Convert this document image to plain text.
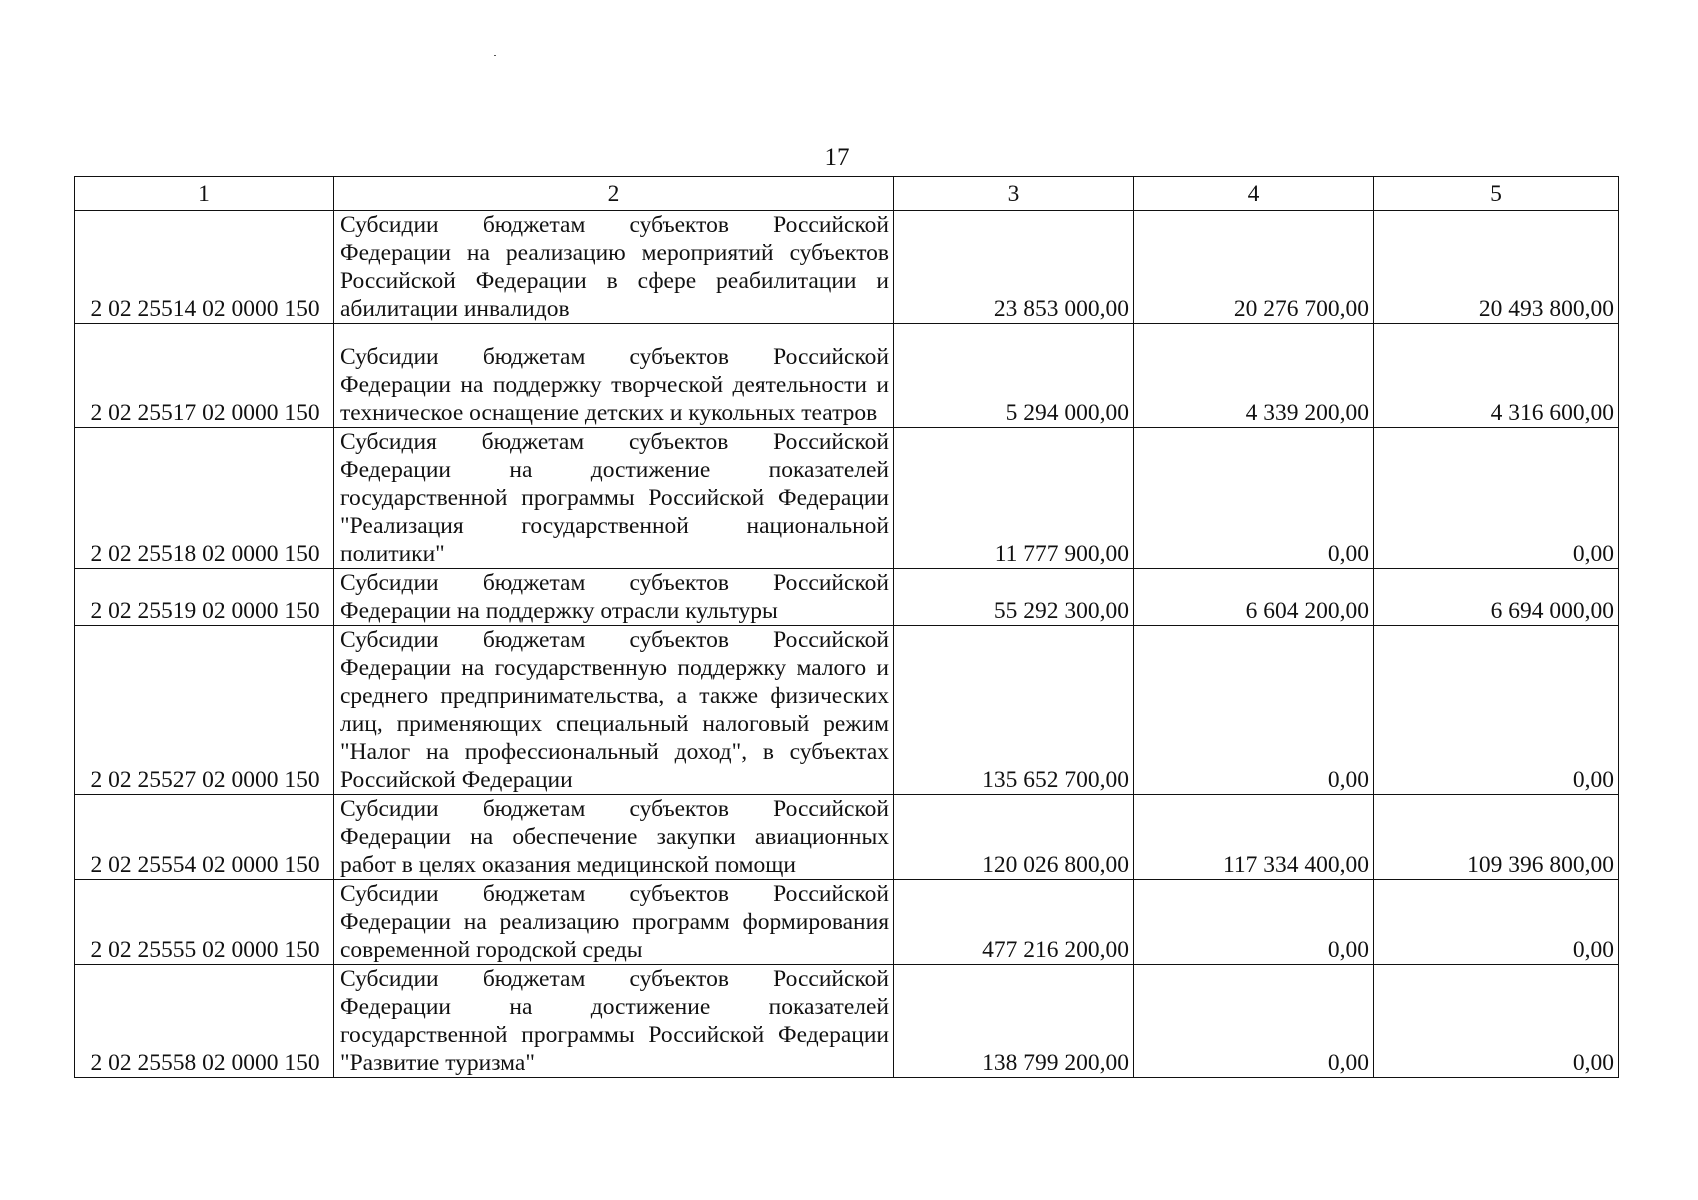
17
1	2	3	4	5
2 02 25514 02 0000 150	Субсидии бюджетам субъектов Российской Федерации на реализацию мероприятий субъектов Российской Федерации в сфере реабилитации и абилитации инвалидов	23 853 000,00	20 276 700,00	20 493 800,00
2 02 25517 02 0000 150	Субсидии бюджетам субъектов Российской Федерации на поддержку творческой деятельности и техническое оснащение детских и кукольных театров	5 294 000,00	4 339 200,00	4 316 600,00
2 02 25518 02 0000 150	Субсидия бюджетам субъектов Российской Федерации на достижение показателей государственной программы Российской Федерации "Реализация государственной национальной политики"	11 777 900,00	0,00	0,00
2 02 25519 02 0000 150	Субсидии бюджетам субъектов Российской Федерации на поддержку отрасли культуры	55 292 300,00	6 604 200,00	6 694 000,00
2 02 25527 02 0000 150	Субсидии бюджетам субъектов Российской Федерации на государственную поддержку малого и среднего предпринимательства, а также физических лиц, применяющих специальный налоговый режим "Налог на профессиональный доход", в субъектах Российской Федерации	135 652 700,00	0,00	0,00
2 02 25554 02 0000 150	Субсидии бюджетам субъектов Российской Федерации на обеспечение закупки авиационных работ в целях оказания медицинской помощи	120 026 800,00	117 334 400,00	109 396 800,00
2 02 25555 02 0000 150	Субсидии бюджетам субъектов Российской Федерации на реализацию программ формирования современной городской среды	477 216 200,00	0,00	0,00
2 02 25558 02 0000 150	Субсидии бюджетам субъектов Российской Федерации на достижение показателей государственной программы Российской Федерации "Развитие туризма"	138 799 200,00	0,00	0,00
